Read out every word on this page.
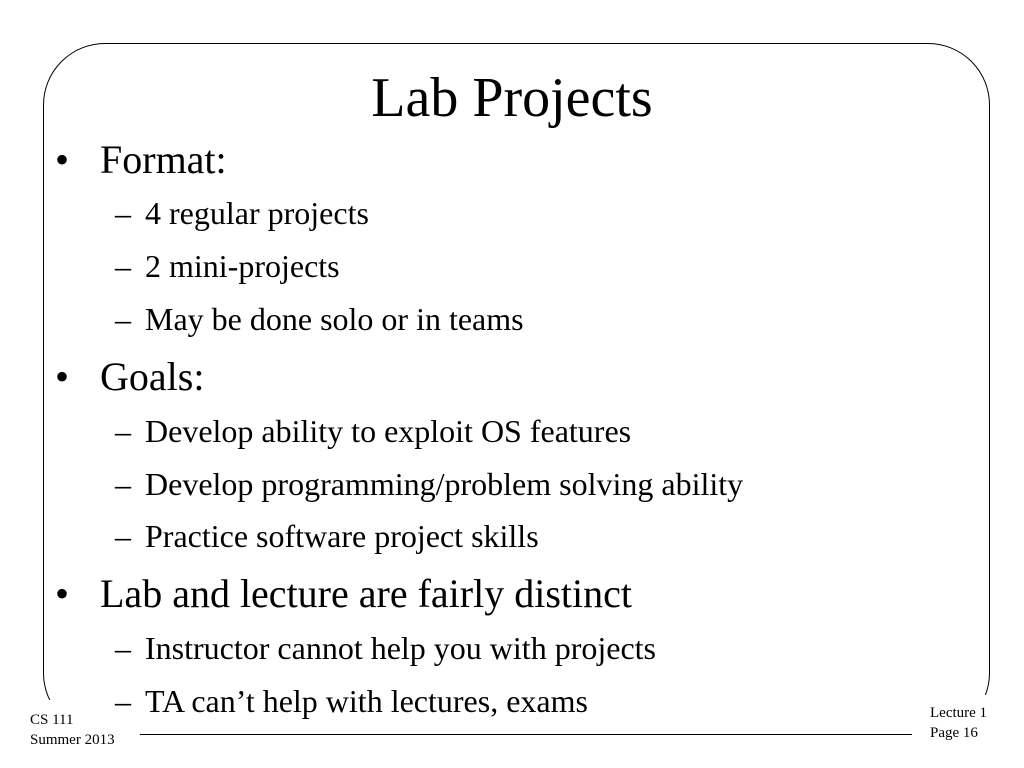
Lab Projects
• Format:
– 4 regular projects
– 2 mini-projects
– May be done solo or in teams
• Goals:
– Develop ability to exploit OS features
– Develop programming/problem solving ability
– Practice software project skills
• Lab and lecture are fairly distinct
– Instructor cannot help you with projects
– TA can’t help with lectures, exams
CS 111
Summer 2013
Lecture 1
Page 16
